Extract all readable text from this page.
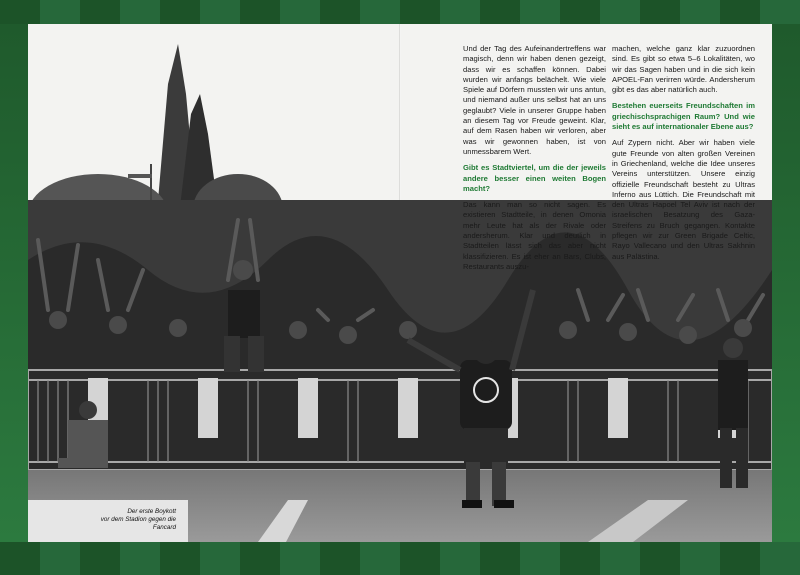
Der erste Boykott
vor dem Stadion gegen die
Fancard

Und der Tag des Aufeinandertreffens war magisch, denn wir haben denen gezeigt, dass wir es schaffen können. Dabei wurden wir anfangs belächelt. Wie viele Spiele auf Dörfern mussten wir uns antun, und niemand außer uns selbst hat an uns geglaubt? Viele in unserer Gruppe haben an diesem Tag vor Freude geweint. Klar, auf dem Rasen haben wir verloren, aber was wir gewonnen haben, ist von unmessbarem Wert.

Gibt es Stadtviertel, um die der jeweils andere besser einen weiten Bogen macht?

Das kann man so nicht sagen. Es existieren Stadtteile, in denen Omonia mehr Leute hat als der Rivale oder andersherum. Klar und deutlich in Stadtteilen lässt sich das aber nicht klassifizieren. Es ist eher an Bars, Clubs, Restaurants auszu-

machen, welche ganz klar zuzuordnen sind. Es gibt so etwa 5–6 Lokalitäten, wo wir das Sagen haben und in die sich kein APOEL-Fan verirren würde. Andersherum gibt es das aber natürlich auch.

Bestehen euerseits Freundschaften im griechischsprachigen Raum? Und wie sieht es auf internationaler Ebene aus?

Auf Zypern nicht. Aber wir haben viele gute Freunde von alten großen Vereinen in Griechenland, welche die Idee unseres Vereins unterstützen. Unsere einzig offizielle Freundschaft besteht zu Ultras Inferno aus Lüttich. Die Freundschaft mit den Ultras Hapoel Tel Aviv ist nach der israelischen Besatzung des Gaza-Streifens zu Bruch gegangen. Kontakte pflegen wir zur Green Brigade Celtic, Rayo Vallecano und den Ultras Sakhnin aus Palästina.
